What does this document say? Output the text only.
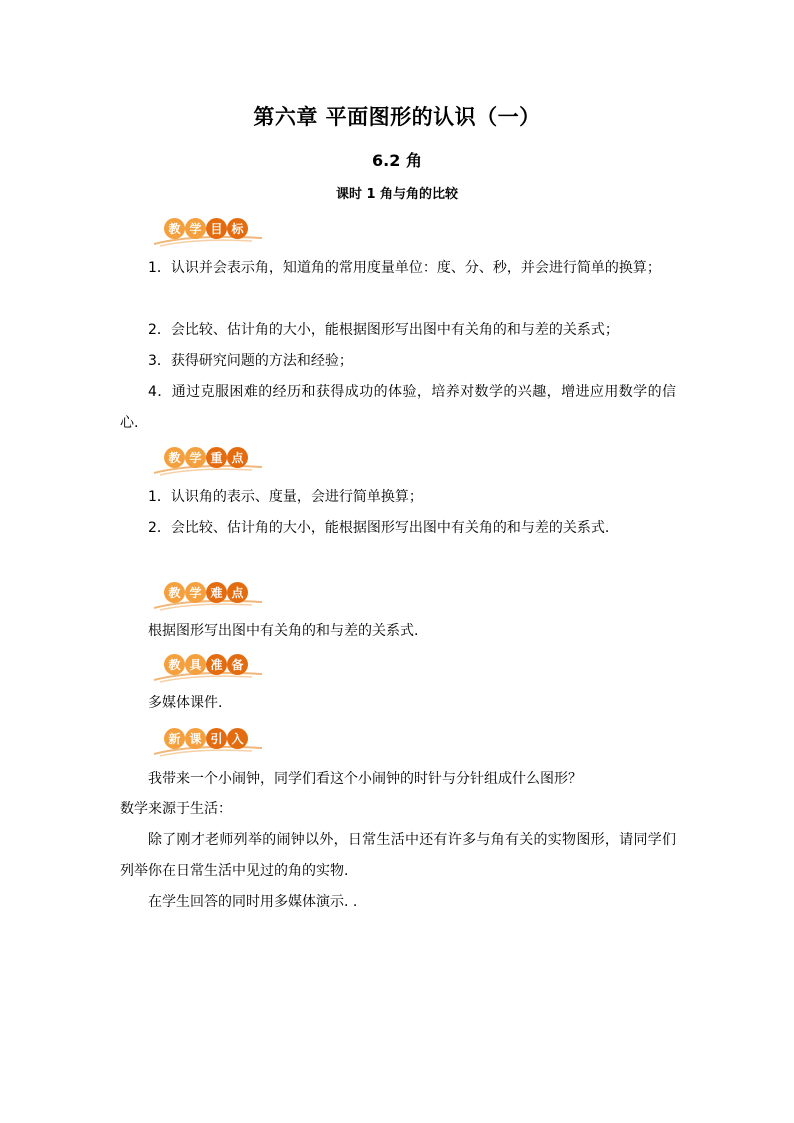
第六章 平面图形的认识（一）
6.2 角
课时 1 角与角的比较
教 学 目 标
1．认识并会表示角，知道角的常用度量单位：度、分、秒，并会进行简单的换算；
2．会比较、估计角的大小，能根据图形写出图中有关角的和与差的关系式；
3．获得研究问题的方法和经验；
4．通过克服困难的经历和获得成功的体验，培养对数学的兴趣，增进应用数学的信心.
教 学 重 点
1．认识角的表示、度量，会进行简单换算；
2．会比较、估计角的大小，能根据图形写出图中有关角的和与差的关系式.
教 学 难 点
根据图形写出图中有关角的和与差的关系式.
教 具 准 备
多媒体课件.
新 课 引 入
我带来一个小闹钟，同学们看这个小闹钟的时针与分针组成什么图形？
数学来源于生活：
除了刚才老师列举的闹钟以外，日常生活中还有许多与角有关的实物图形，请同学们列举你在日常生活中见过的角的实物.
在学生回答的同时用多媒体演示. .
